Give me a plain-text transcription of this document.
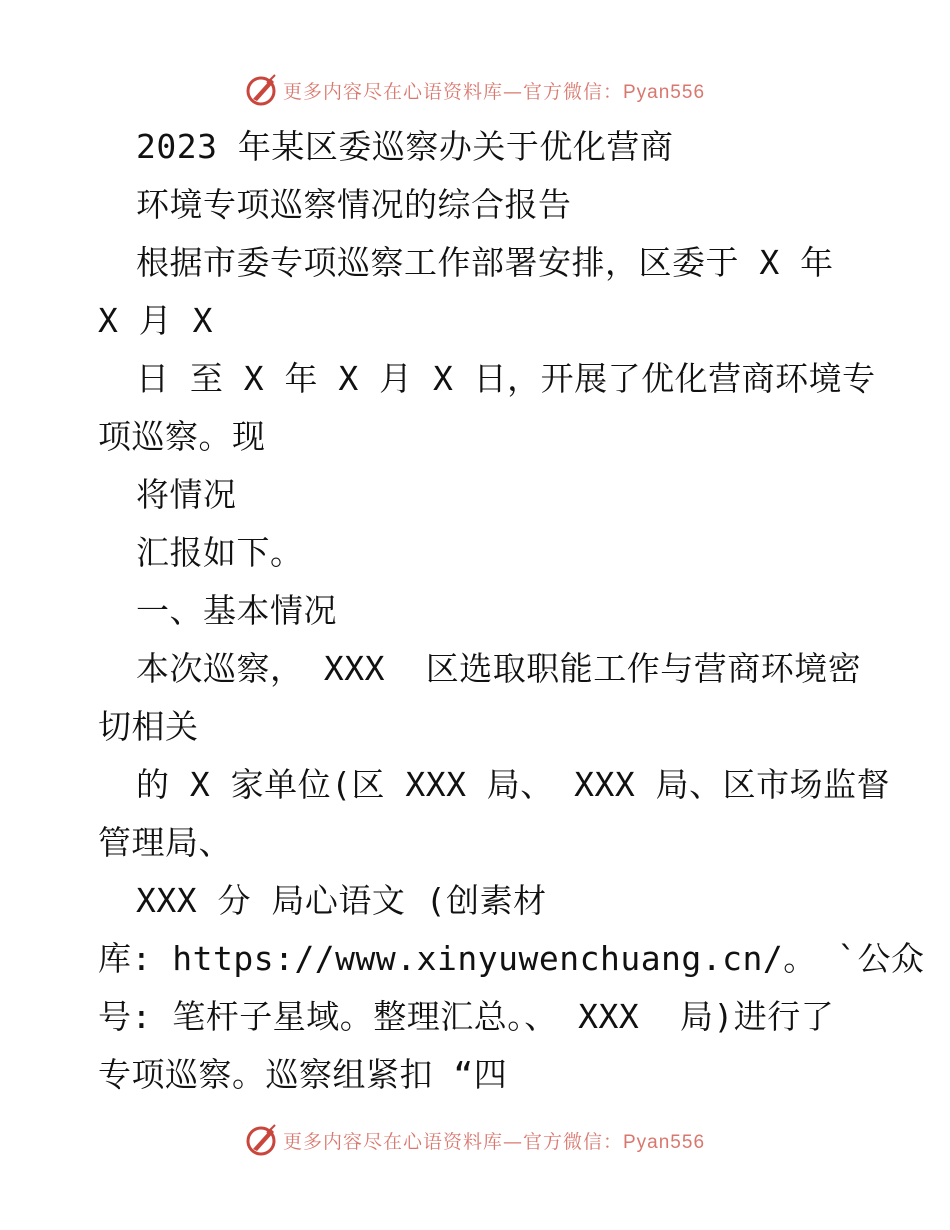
更多内容尽在心语资料库—官方微信：Pyan556
2023 年某区委巡察办关于优化营商
环境专项巡察情况的综合报告
根据市委专项巡察工作部署安排，区委于 X 年
X 月 X
日 至 X 年 X 月 X 日，开展了优化营商环境专
项巡察。现
将情况
汇报如下。
一、基本情况
本次巡察， XXX  区选取职能工作与营商环境密
切相关
的 X 家单位(区 XXX 局、 XXX 局、区市场监督
管理局、
XXX 分 局心语文 (创素材
库: https://www.xinyuwenchuang.cn/。 `公众
号: 笔杆子星域。整理汇总。、 XXX  局)进行了
专项巡察。巡察组紧扣 “四
更多内容尽在心语资料库—官方微信：Pyan556
